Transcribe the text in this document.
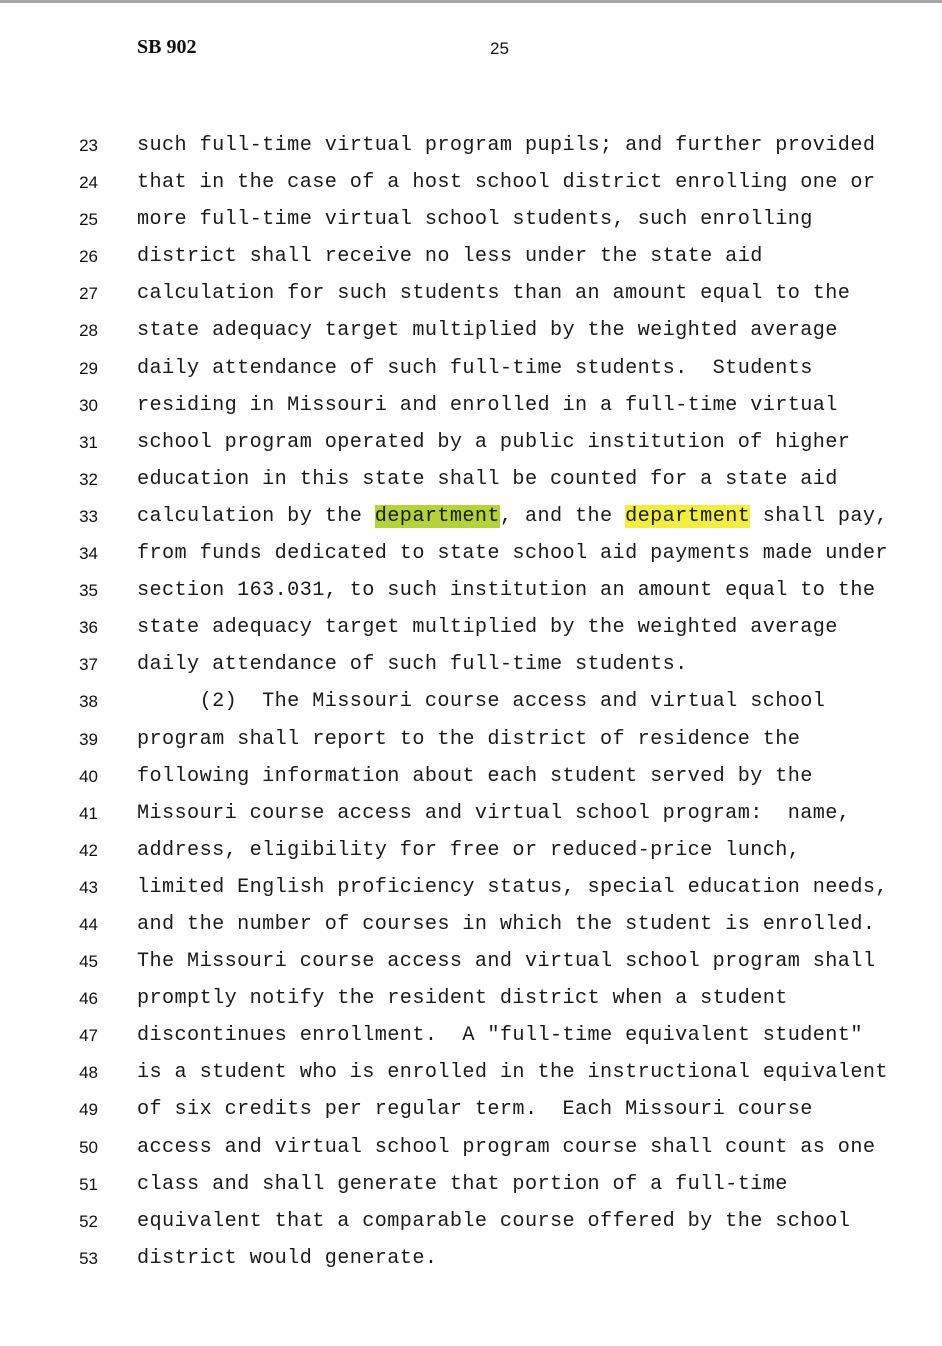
SB 902	25
23 such full-time virtual program pupils; and further provided
24 that in the case of a host school district enrolling one or
25 more full-time virtual school students, such enrolling
26 district shall receive no less under the state aid
27 calculation for such students than an amount equal to the
28 state adequacy target multiplied by the weighted average
29 daily attendance of such full-time students.  Students
30 residing in Missouri and enrolled in a full-time virtual
31 school program operated by a public institution of higher
32 education in this state shall be counted for a state aid
33 calculation by the department, and the department shall pay,
34 from funds dedicated to state school aid payments made under
35 section 163.031, to such institution an amount equal to the
36 state adequacy target multiplied by the weighted average
37 daily attendance of such full-time students.
38 (2)  The Missouri course access and virtual school
39 program shall report to the district of residence the
40 following information about each student served by the
41 Missouri course access and virtual school program:  name,
42 address, eligibility for free or reduced-price lunch,
43 limited English proficiency status, special education needs,
44 and the number of courses in which the student is enrolled.
45 The Missouri course access and virtual school program shall
46 promptly notify the resident district when a student
47 discontinues enrollment.  A "full-time equivalent student"
48 is a student who is enrolled in the instructional equivalent
49 of six credits per regular term.  Each Missouri course
50 access and virtual school program course shall count as one
51 class and shall generate that portion of a full-time
52 equivalent that a comparable course offered by the school
53 district would generate.
